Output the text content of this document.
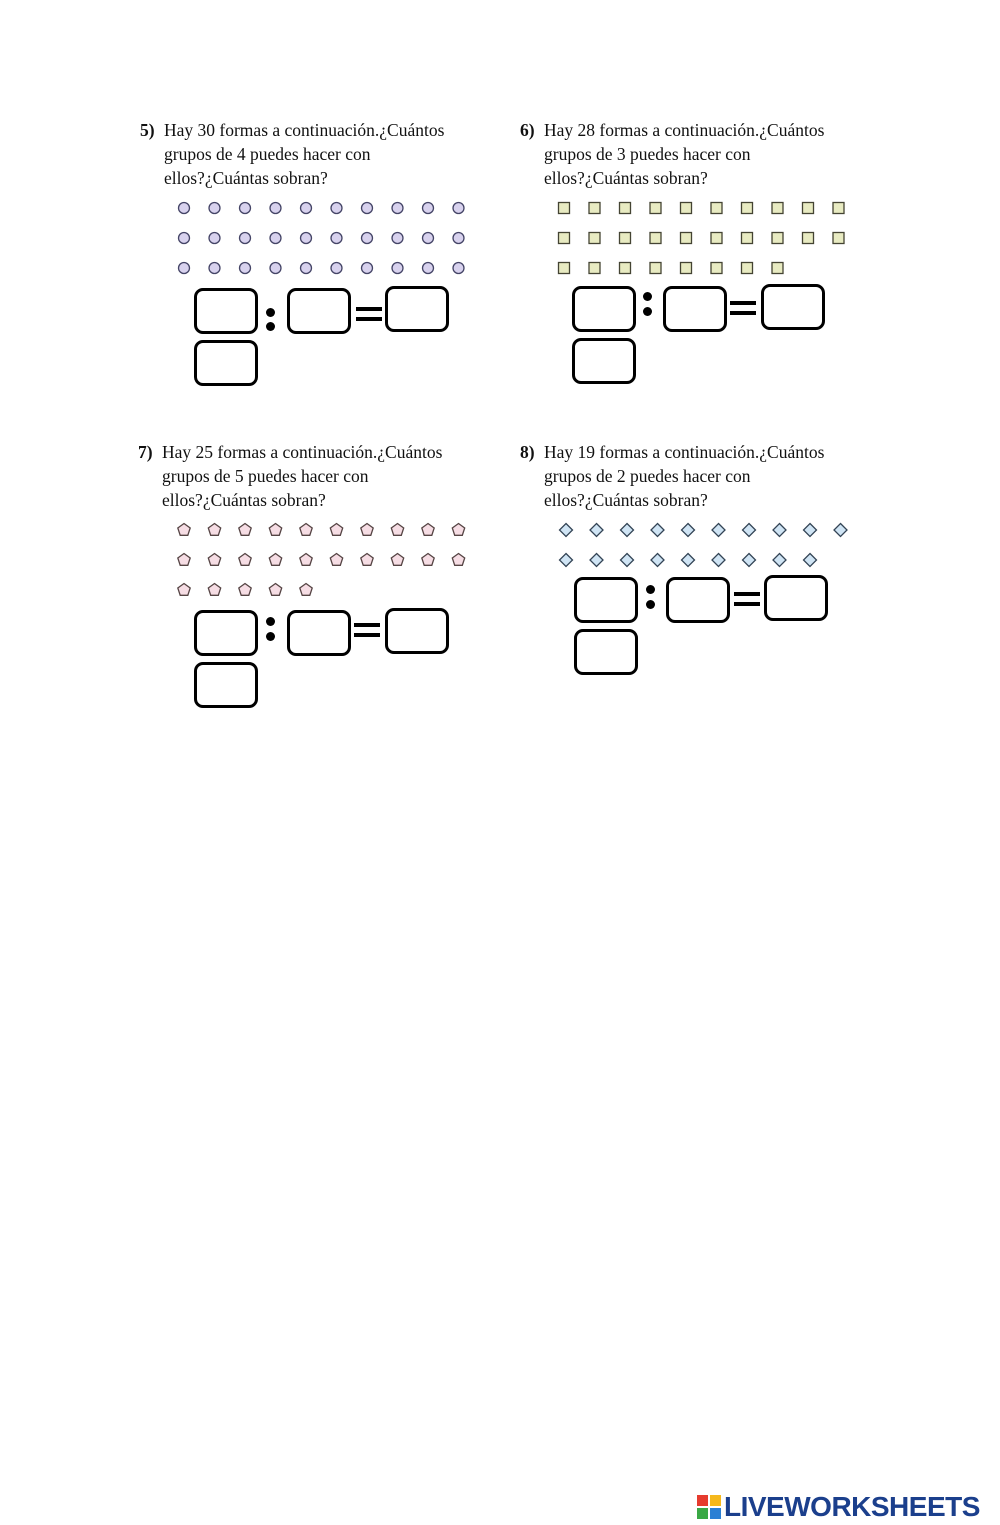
5) Hay 30 formas a continuación.¿Cuántos
grupos de 4 puedes hacer con
ellos?¿Cuántas sobran?
6) Hay 28 formas a continuación.¿Cuántos
grupos de 3 puedes hacer con
ellos?¿Cuántas sobran?
7) Hay 25 formas a continuación.¿Cuántos
grupos de 5 puedes hacer con
ellos?¿Cuántas sobran?
8) Hay 19 formas a continuación.¿Cuántos
grupos de 2 puedes hacer con
ellos?¿Cuántas sobran?
LIVEWORKSHEETS
